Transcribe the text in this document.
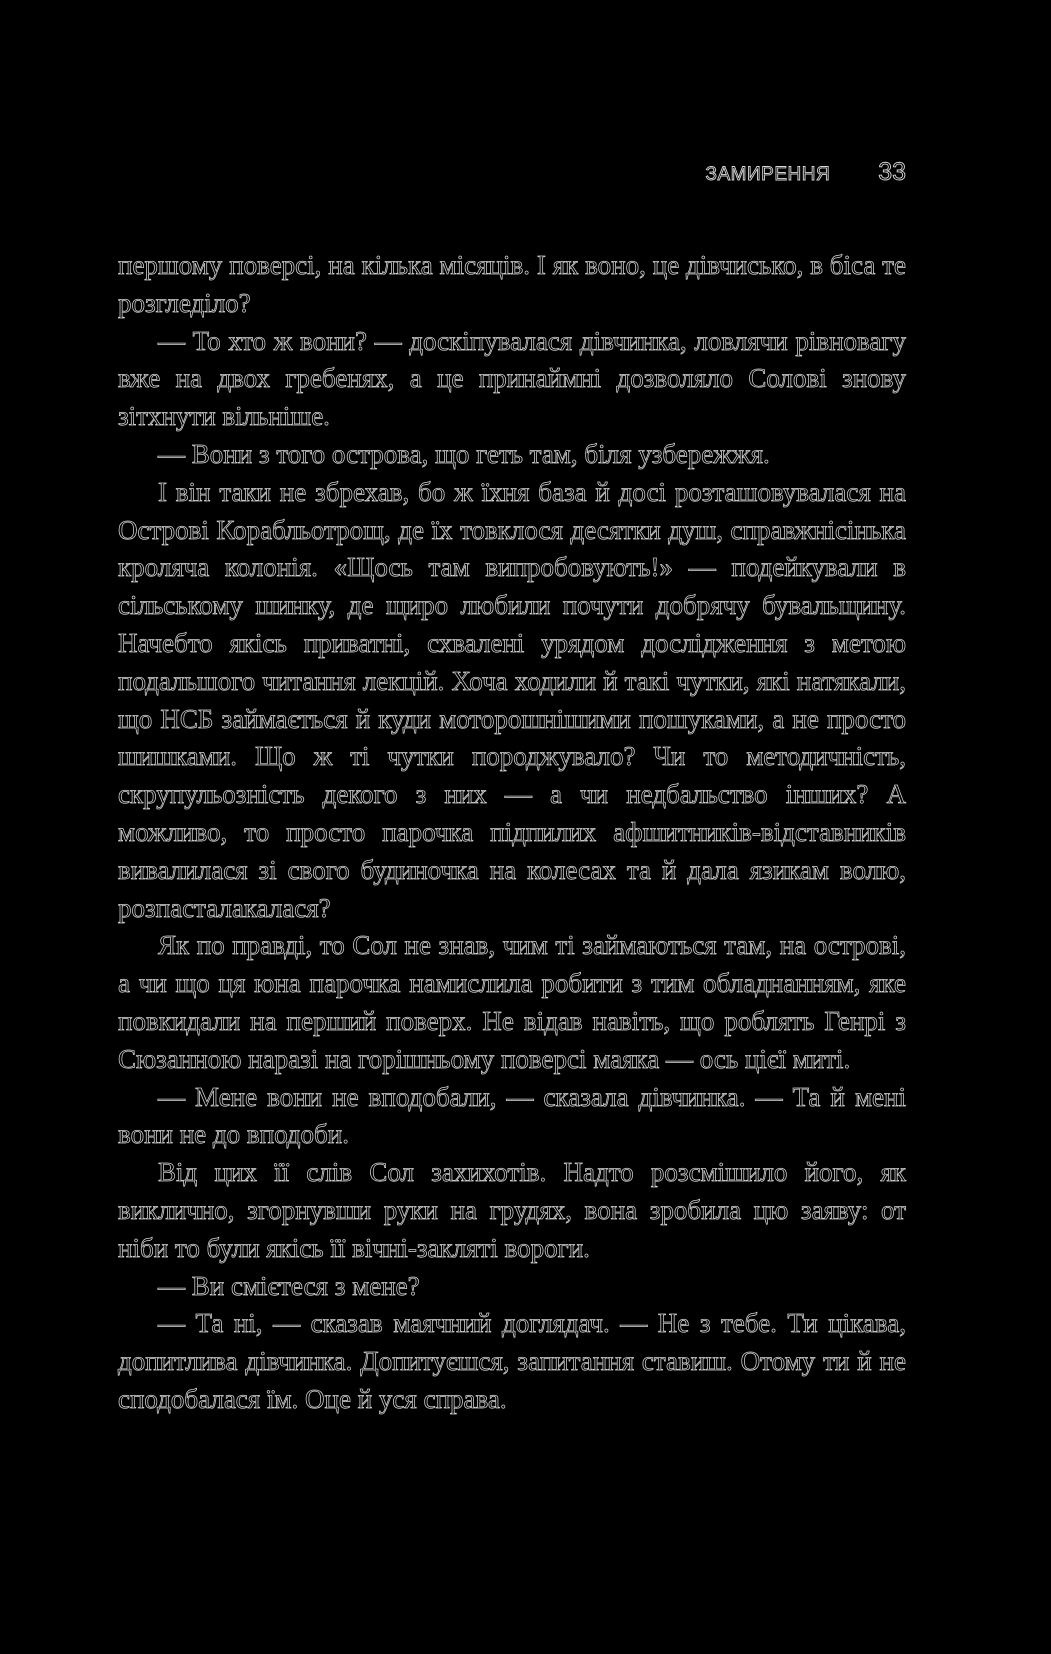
ЗАМИРЕННЯ 33

першому поверсі, на кілька місяців. І як воно, це дівчисько, в біса те розгледіло?

— То хто ж вони? — доскіпувалася дівчинка, ловлячи рівновагу вже на двох гребенях, а це принаймні дозволяло Солові знову зітхнути вільніше.

— Вони з того острова, що геть там, біля узбережжя.

І він таки не збрехав, бо ж їхня база й досі розташовувалася на Острові Корабльотрощ, де їх товклося десятки душ, справжнісінька кроляча колонія. «Щось там випробовують!» — подейкували в сільському шинку, де щиро любили почути добрячу бувальщину. Начебто якісь приватні, схвалені урядом дослідження з метою подальшого читання лекцій. Хоча ходили й такі чутки, які натякали, що НСБ займається й куди моторошнішими пошуками, а не просто шишками. Що ж ті чутки породжувало? Чи то методичність, скрупульозність декого з них — а чи недбальство інших? А можливо, то просто парочка підпилих афшитників-відставників вивалилася зі свого будиночка на колесах та й дала язикам волю, розпасталакалася?

Як по правді, то Сол не знав, чим ті займаються там, на острові, а чи що ця юна парочка намислила робити з тим обладнанням, яке повкидали на перший поверх. Не відав навіть, що роблять Генрі з Сюзанною наразі на горішньому поверсі маяка — ось цієї миті.

— Мене вони не вподобали, — сказала дівчинка. — Та й мені вони не до вподоби.

Від цих її слів Сол захихотів. Надто розсмішило його, як виклично, згорнувши руки на грудях, вона зробила цю заяву: от ніби то були якісь її вічні-закляті вороги.

— Ви смієтеся з мене?

— Та ні, — сказав маячний доглядач. — Не з тебе. Ти цікава, допитлива дівчинка. Допитуєшся, запитання ставиш. Отому ти й не сподобалася їм. Оце й уся справа.
